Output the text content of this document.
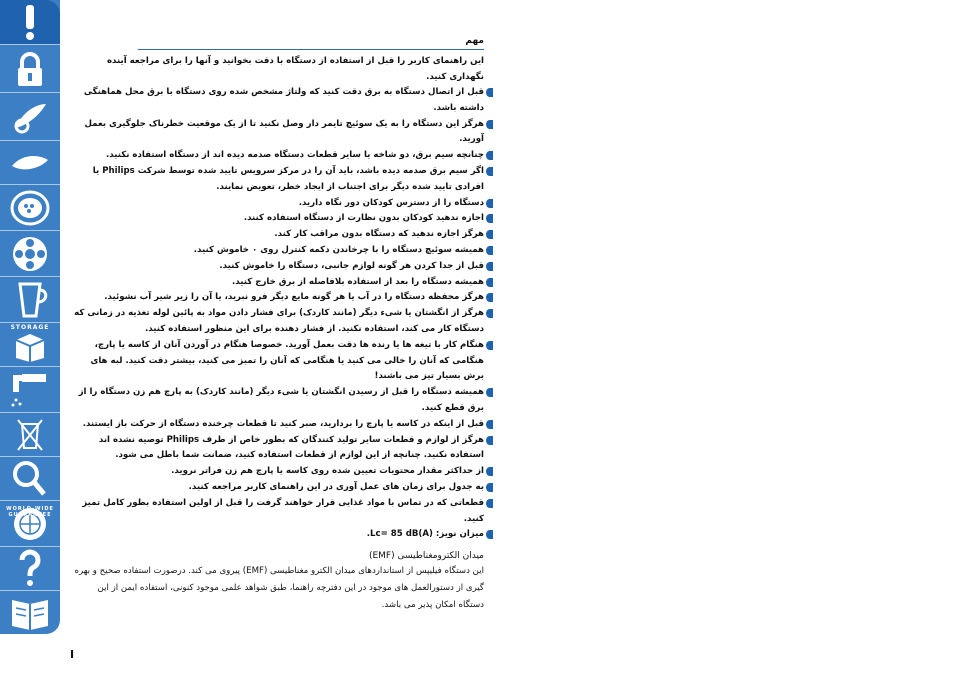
STORAGE
WORLD-WIDE GUARANTEE
I
مهم

این راهنمای کاربر را قبل از استفاده از دستگاه با دقت بخوانید و آنها را برای مراجعه آینده نگهداری کنید.

قبل از اتصال دستگاه به برق دقت کنید که ولتاژ مشخص شده روی دستگاه با برق محل هماهنگی داشته باشد.
هرگز این دستگاه را به یک سوئیچ تایمر دار وصل نکنید تا از یک موقعیت خطرناک جلوگیری بعمل آورید.
چنانچه سیم برق، دو شاخه یا سایر قطعات دستگاه صدمه دیده اند از دستگاه استفاده نکنید.
اگر سیم برق صدمه دیده باشد، باید آن را در مرکز سرویس تایید شده توسط شرکت Philips یا افرادی تایید شده دیگر برای اجتناب از ایجاد خطر، تعویض نمایند.
دستگاه را از دسترس کودکان دور نگاه دارید.
اجازه ندهید کودکان بدون نظارت از دستگاه استفاده کنند.
هرگز اجازه ندهید که دستگاه بدون مراقب کار کند.
همیشه سوئیچ دستگاه را با چرخاندن دکمه کنترل روی ۰ خاموش کنید.
قبل از جدا کردن هر گونه لوازم جانبی، دستگاه را خاموش کنید.
همیشه دستگاه را بعد از استفاده بلافاصله از برق خارج کنید.
هرگز محفظه دستگاه را در آب یا هر گونه مایع دیگر فرو نبرید، یا آن را زیر شیر آب نشوئید.
هرگز از انگشتان یا شیء دیگر (مانند کاردک) برای فشار دادن مواد به پائین لوله تغذیه در زمانی که دستگاه کار می کند، استفاده نکنید. از فشار دهنده برای این منظور استفاده کنید.
هنگام کار با تیغه ها یا رنده ها دقت بعمل آورید. خصوصا هنگام در آوردن آنان از کاسه یا پارچ، هنگامی که آنان را خالی می کنید یا هنگامی که آنان را تمیز می کنید، بیشتر دقت کنید. لبه های برش بسیار تیز می باشند!
همیشه دستگاه را قبل از رسیدن انگشتان یا شیء دیگر (مانند کاردک) به پارچ هم زن دستگاه را از برق قطع کنید.
قبل از اینکه در کاسه یا پارچ را بردارید، صبر کنید تا قطعات چرخنده دستگاه از حرکت باز ایستند.
هرگز از لوازم و قطعات سایر تولید کنندگان که بطور خاص از طرف Philips توصیه نشده اند استفاده نکنید. چنانچه از این لوازم از قطعات استفاده کنید، ضمانت شما باطل می شود.
از حداکثر مقدار محتویات تعیین شده روی کاسه یا پارچ هم زن فراتر نروید.
به جدول برای زمان های عمل آوری در این راهنمای کاربر مراجعه کنید.
قطعاتی که در تماس با مواد غذایی قرار خواهند گرفت را قبل از اولین استفاده بطور کامل تمیز کنید.
میزان نویز: Lc= 85 dB(A).
میدان الکترومغناطیسی (EMF)

این دستگاه فیلیپس از استانداردهای میدان الکترو مغناطیسی (EMF) پیروی می کند. درصورت استفاده صحیح و بهره گیری از دستورالعمل های موجود در این دفترچه راهنما، طبق شواهد علمی موجود کنونی، استفاده ایمن از این دستگاه امکان پذیر می باشد.
